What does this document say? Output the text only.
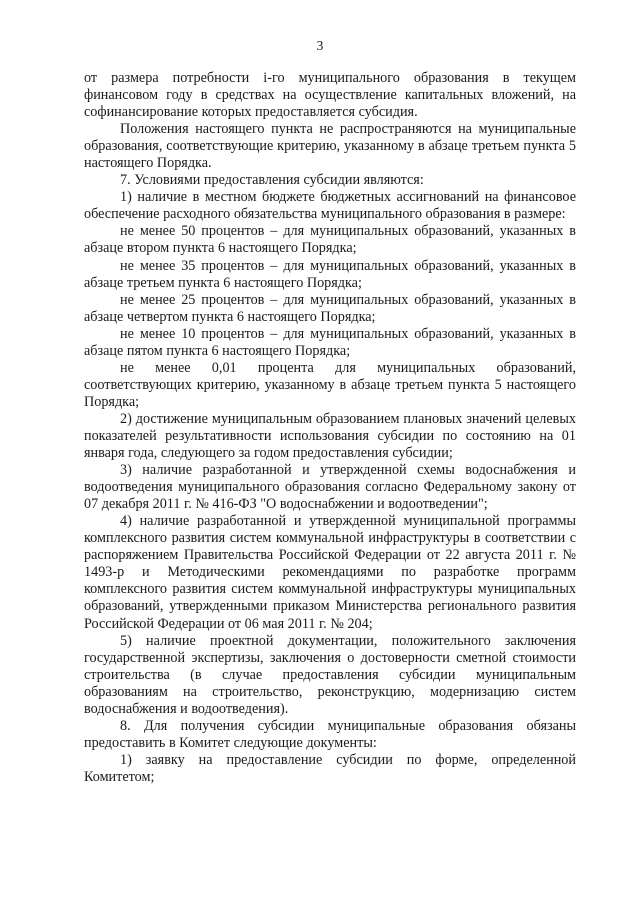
3

от размера потребности i-го муниципального образования в текущем финансовом году в средствах на осуществление капитальных вложений, на софинансирование которых предоставляется субсидия.

Положения настоящего пункта не распространяются на муниципальные образования, соответствующие критерию, указанному в абзаце третьем пункта 5 настоящего Порядка.

7. Условиями предоставления субсидии являются:

1) наличие в местном бюджете бюджетных ассигнований на финансовое обеспечение расходного обязательства муниципального образования в размере:

не менее 50 процентов – для муниципальных образований, указанных в абзаце втором пункта 6 настоящего Порядка;

не менее 35 процентов – для муниципальных образований, указанных в абзаце третьем пункта 6 настоящего Порядка;

не менее 25 процентов – для муниципальных образований, указанных в абзаце четвертом пункта 6 настоящего Порядка;

не менее 10 процентов – для муниципальных образований, указанных в абзаце пятом пункта 6 настоящего Порядка;

не менее 0,01 процента для муниципальных образований, соответствующих критерию, указанному в абзаце третьем пункта 5 настоящего Порядка;

2) достижение муниципальным образованием плановых значений целевых показателей результативности использования субсидии по состоянию на 01 января года, следующего за годом предоставления субсидии;

3) наличие разработанной и утвержденной схемы водоснабжения и водоотведения муниципального образования согласно Федеральному закону от 07 декабря 2011 г. № 416-ФЗ "О водоснабжении и водоотведении";

4) наличие разработанной и утвержденной муниципальной программы комплексного развития систем коммунальной инфраструктуры в соответствии с распоряжением Правительства Российской Федерации от 22 августа 2011 г. № 1493-р и Методическими рекомендациями по разработке программ комплексного развития систем коммунальной инфраструктуры муниципальных образований, утвержденными приказом Министерства регионального развития Российской Федерации от 06 мая 2011 г. № 204;

5) наличие проектной документации, положительного заключения государственной экспертизы, заключения о достоверности сметной стоимости строительства (в случае предоставления субсидии муниципальным образованиям на строительство, реконструкцию, модернизацию систем водоснабжения и водоотведения).

8. Для получения субсидии муниципальные образования обязаны предоставить в Комитет следующие документы:

1) заявку на предоставление субсидии по форме, определенной Комитетом;
